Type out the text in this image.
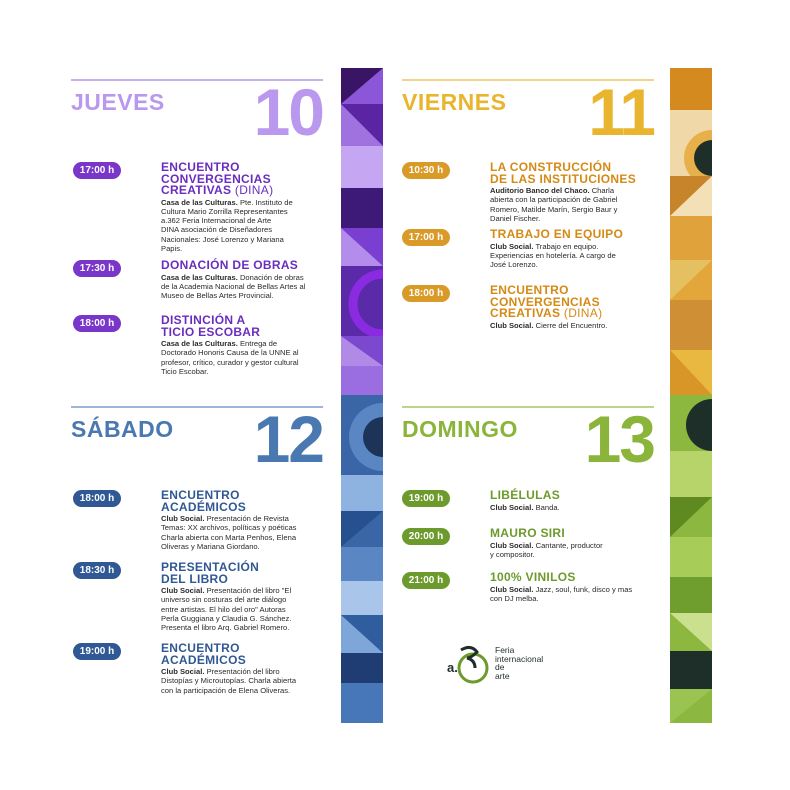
JUEVES 10	VIERNES 11
SÁBADO 12	DOMINGO 13
17:00 h	ENCUENTRO
CONVERGENCIAS
CREATIVAS (DINA)
Casa de las Culturas. Pte. Instituto de
Cultura Mario Zorrilla Representantes
a.362 Feria Internacional de Arte
DINA asociación de Diseñadores
Nacionales: José Lorenzo y Mariana
Papis.
17:30 h	DONACIÓN DE OBRAS
Casa de las Culturas. Donación de obras
de la Academia Nacional de Bellas Artes al
Museo de Bellas Artes Provincial.
18:00 h	DISTINCIÓN A
TICIO ESCOBAR
Casa de las Culturas. Entrega de
Doctorado Honoris Causa de la UNNE al
profesor, crítico, curador y gestor cultural
Ticio Escobar.
10:30 h	LA CONSTRUCCIÓN
DE LAS INSTITUCIONES
Auditorio Banco del Chaco. Charla
abierta con la participación de Gabriel
Romero, Matilde Marín, Sergio Baur y
Daniel Fischer.
17:00 h	TRABAJO EN EQUIPO
Club Social. Trabajo en equipo.
Experiencias en hotelería. A cargo de
José Lorenzo.
18:00 h	ENCUENTRO
CONVERGENCIAS
CREATIVAS (DINA)
Club Social. Cierre del Encuentro.
18:00 h	ENCUENTRO
ACADÉMICOS
Club Social. Presentación de Revista
Temas: XX archivos, políticas y poéticas
Charla abierta con Marta Penhos, Elena
Oliveras y Mariana Giordano.
18:30 h	PRESENTACIÓN
DEL LIBRO
Club Social. Presentación del libro "El
universo sin costuras del arte diálogo
entre artistas. El hilo del oro" Autoras
Perla Guggiana y Claudia G. Sánchez.
Presenta el libro Arq. Gabriel Romero.
19:00 h	ENCUENTRO
ACADÉMICOS
Club Social. Presentación del libro
Distopías y Microutopías. Charla abierta
con la participación de Elena Oliveras.
19:00 h	LIBÉLULAS
Club Social. Banda.
20:00 h	MAURO SIRI
Club Social. Cantante, productor
y compositor.
21:00 h	100% VINILOS
Club Social. Jazz, soul, funk, disco y mas
con DJ melba.
a.
Feria
internacional
de
arte
